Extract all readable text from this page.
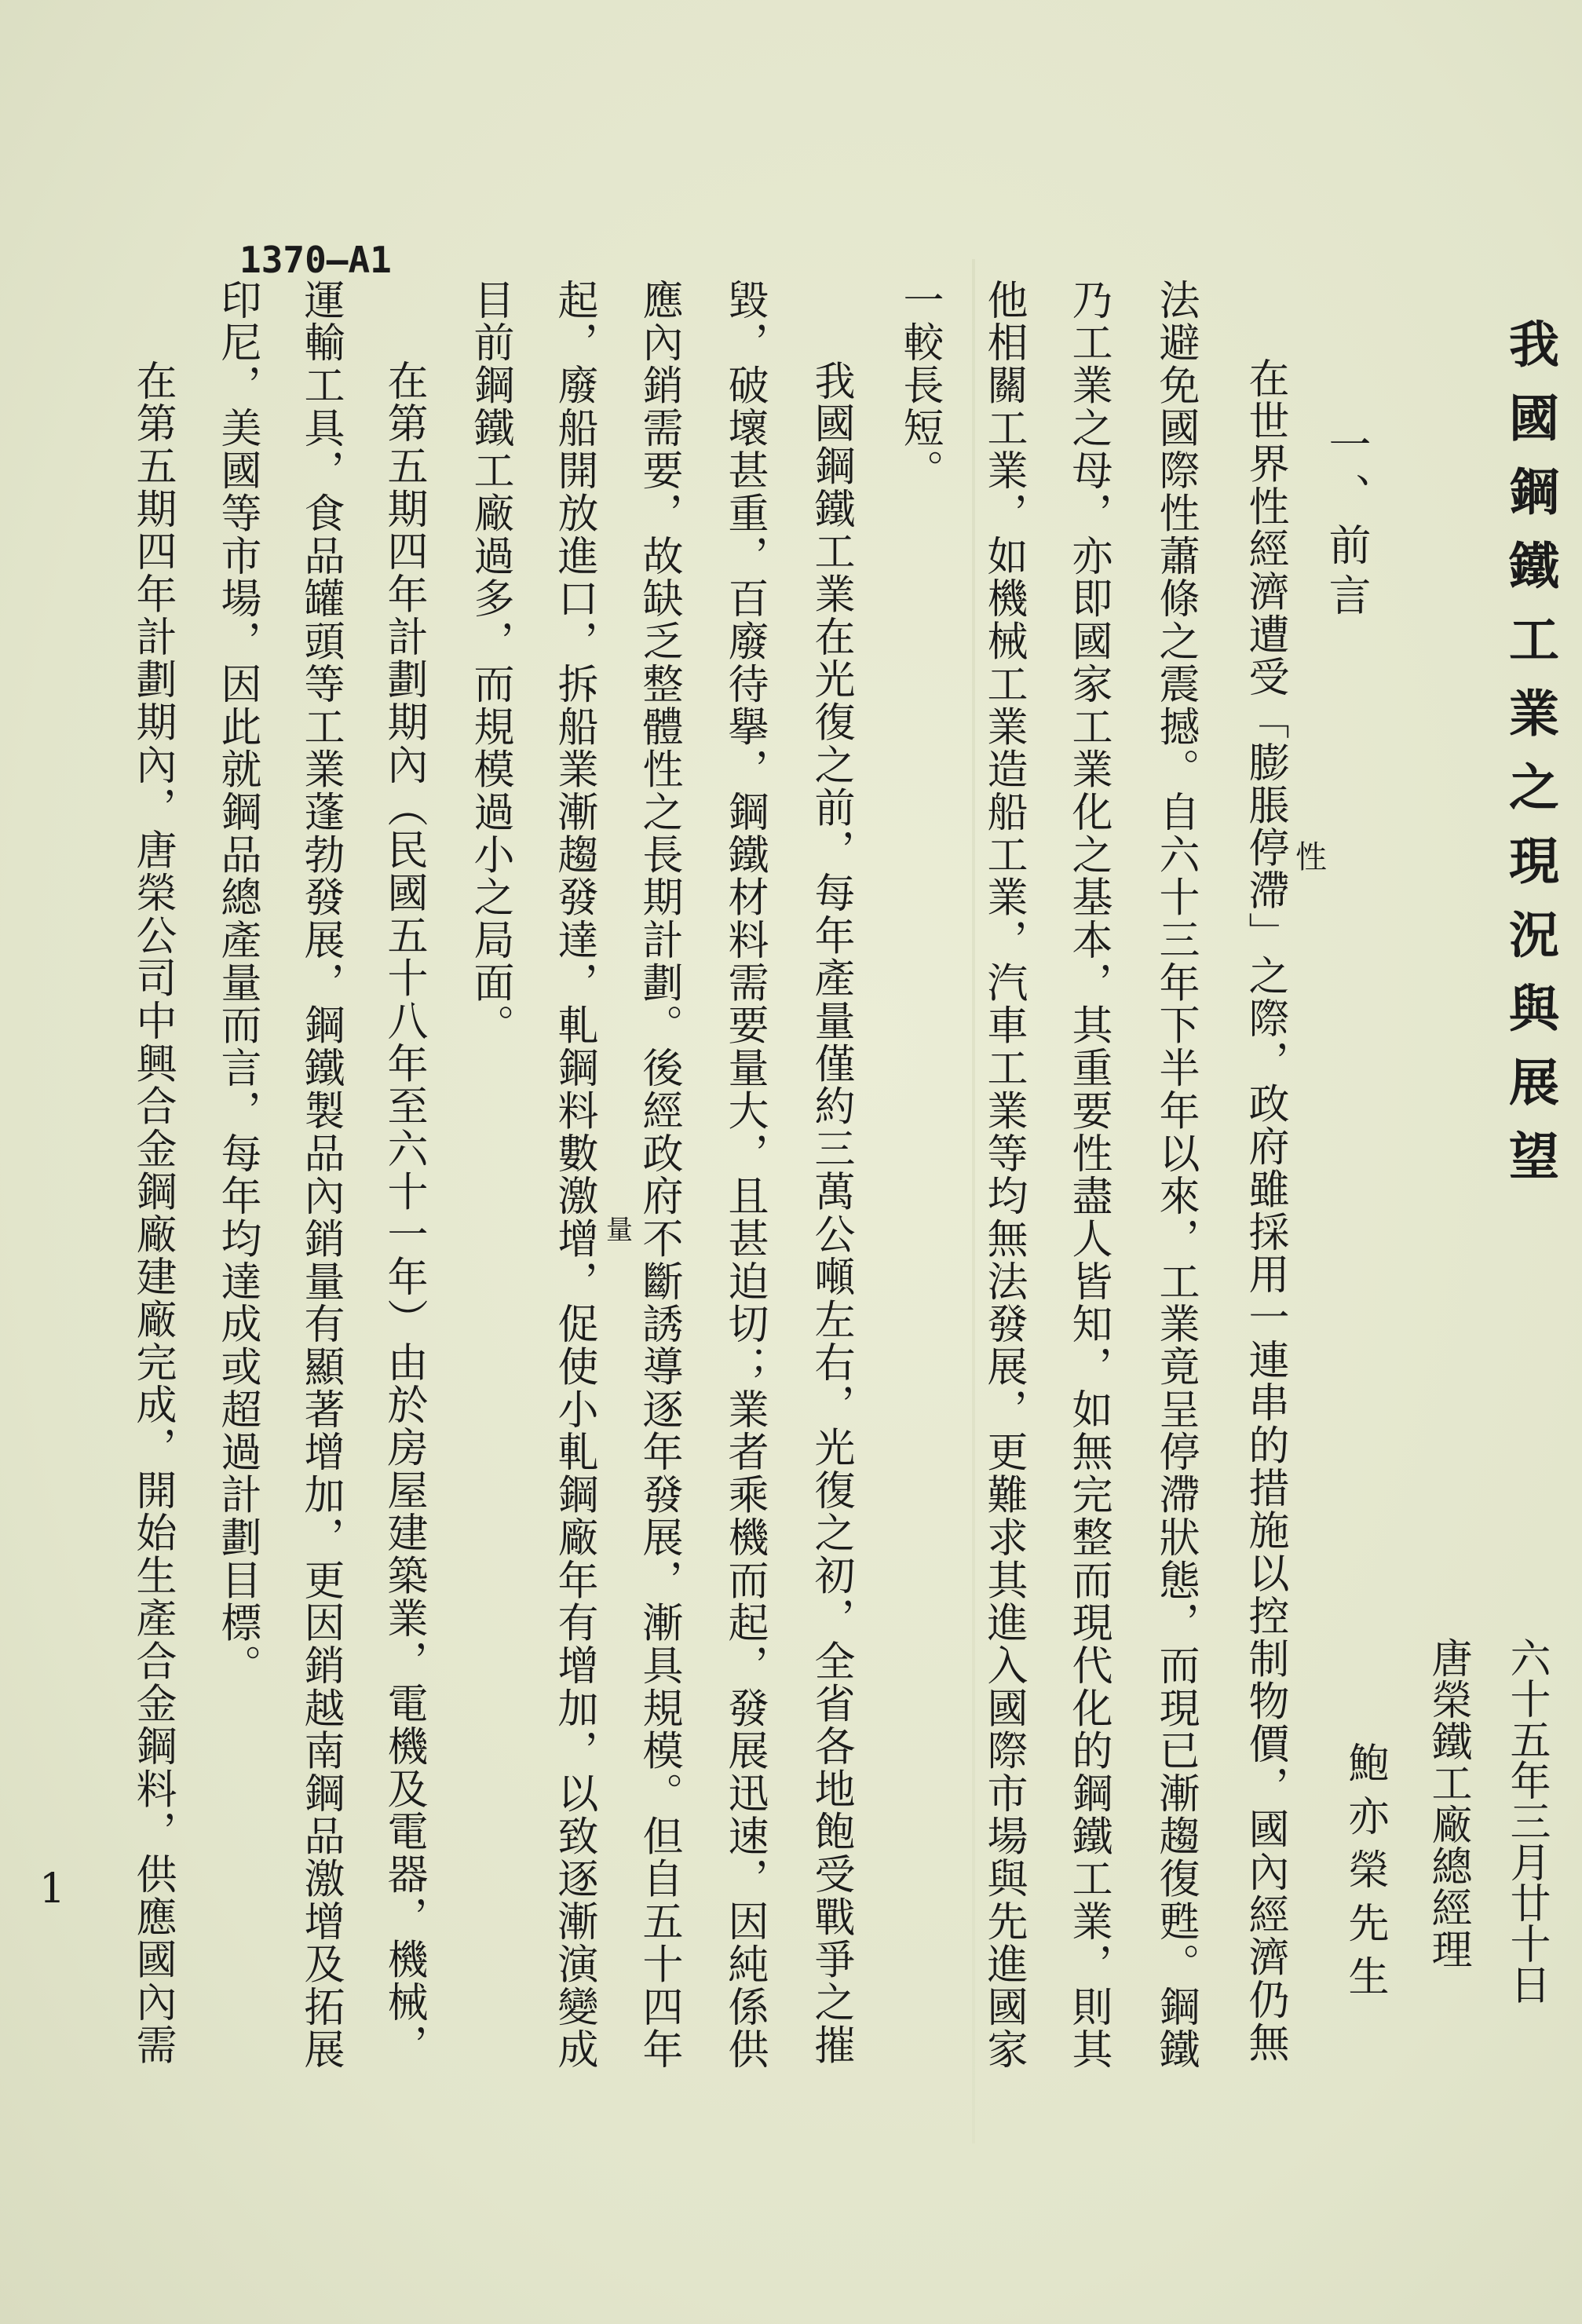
1370–A1
我國鋼鐵工業之現況與展望
六十五年三月廿十日
唐榮鐵工廠總經理
鮑亦榮先生
一、前言
在世界性經濟遭受「膨脹停滯」之際，政府雖採用一連串的措施以控制物價，國內經濟仍無
法避免國際性蕭條之震撼。自六十三年下半年以來，工業竟呈停滯狀態，而現已漸趨復甦。鋼鐵
乃工業之母，亦即國家工業化之基本，其重要性盡人皆知，如無完整而現代化的鋼鐵工業，則其
他相關工業，如機械工業造船工業，汽車工業等均無法發展，更難求其進入國際市場與先進國家
一較長短。
我國鋼鐵工業在光復之前，每年產量僅約三萬公噸左右，光復之初，全省各地飽受戰爭之摧
毀，破壞甚重，百廢待擧，鋼鐵材料需要量大，且甚迫切；業者乘機而起，發展迅速，因純係供
應內銷需要，故缺乏整體性之長期計劃。後經政府不斷誘導逐年發展，漸具規模。但自五十四年
起，廢船開放進口，拆船業漸趨發達，軋鋼料數激增，促使小軋鋼廠年有增加，以致逐漸演變成
目前鋼鐵工廠過多，而規模過小之局面。
在第五期四年計劃期內（民國五十八年至六十一年）由於房屋建築業，電機及電器，機械，
運輸工具，食品罐頭等工業蓬勃發展，鋼鐵製品內銷量有顯著增加，更因銷越南鋼品激增及拓展
印尼，美國等市場，因此就鋼品總產量而言，每年均達成或超過計劃目標。
在第五期四年計劃期內，唐榮公司中興合金鋼廠建廠完成，開始生產合金鋼料，供應國內需	性
量
1
